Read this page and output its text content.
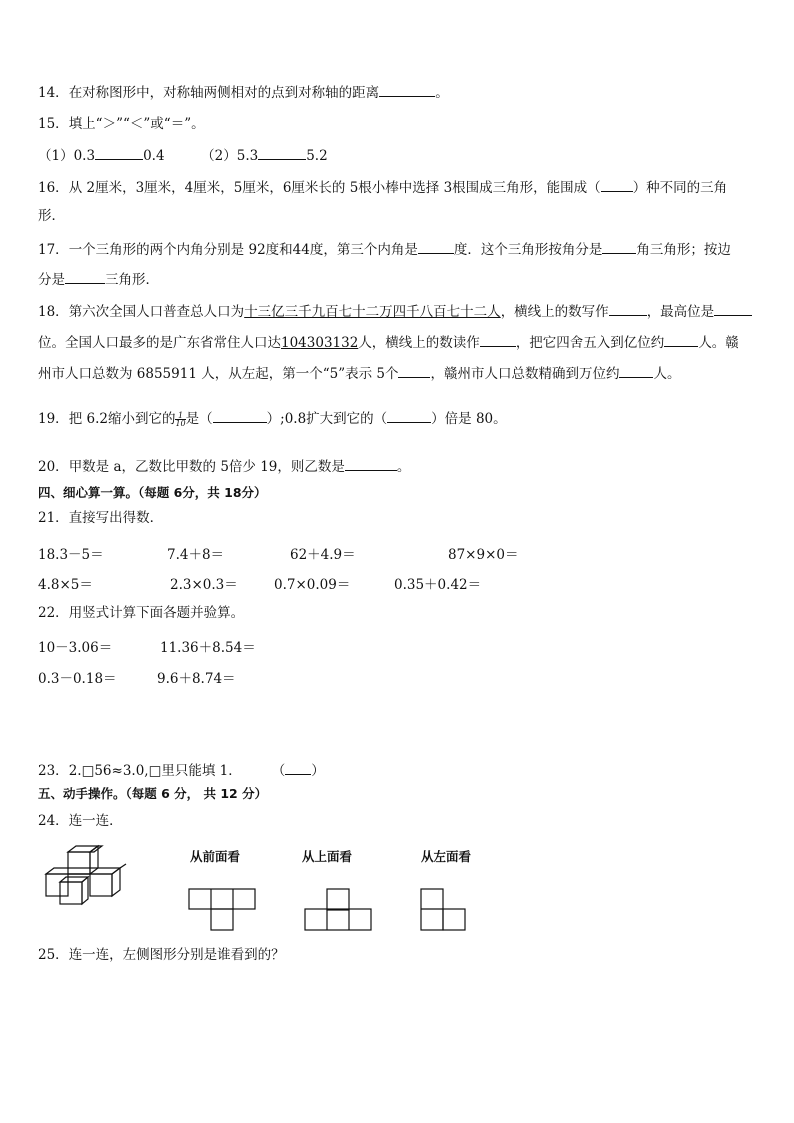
14．在对称图形中，对称轴两侧相对的点到对称轴的距离	。
15．填上“＞”“＜”或“＝”。
（1）0.3	0.4	（2）5.3	5.2
16．从 2厘米，3厘米，4厘米，5厘米，6厘米长的 5根小棒中选择 3根围成三角形，能围成（ ）种不同的三角
形．
17．一个三角形的两个内角分别是 92度和44度，第三个内角是	度．这个三角形按角分是	角三角形；按边
分是	三角形．
18．第六次全国人口普查总人口为十三亿三千九百七十二万四千八百七十二人，横线上的数写作	，最高位是
位。全国人口最多的是广东省常住人口达104303132人，横线上的数读作	，把它四舍五入到亿位约	人。赣
州市人口总数为 6855911 人，从左起，第一个“5”表示 5个 ，赣州市人口总数精确到万位约	人。
19．把 6.2缩小到它的 $\frac{1}{10}$ 是（	）;0.8扩大到它的（	）倍是 80。
20．甲数是 a，乙数比甲数的 5倍少 19，则乙数是	。
四、细心算一算。（每题 6分，共 18分）
21．直接写出得数．
18.3－5＝	7.4＋8＝	62＋4.9＝	87×9×0＝
4.8×5＝	2.3×0.3＝	0.7×0.09＝	0.35＋0.42＝
22．用竖式计算下面各题并验算。
10－3.06＝	11.36＋8.54＝
0.3－0.18＝	9.6＋8.74＝
23．2.□56≈3.0,□里只能填 1． （ ）
五、动手操作。（每题 6 分， 共 12 分）
24．连一连．
从前面看	从上面看	从左面看
25．连一连，左侧图形分别是谁看到的？
